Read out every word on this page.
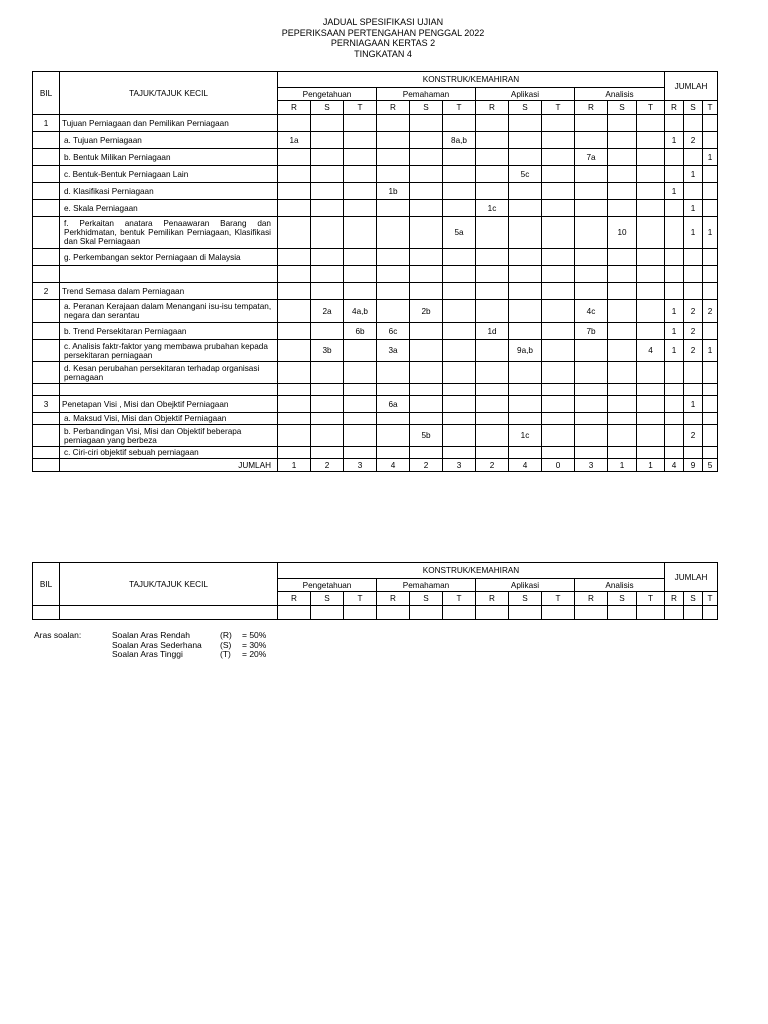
JADUAL SPESIFIKASI UJIAN
PEPERIKSAAN PERTENGAHAN PENGGAL 2022
PERNIAGAAN KERTAS 2
TINGKATAN 4
BIL	TAJUK/TAJUK KECIL	KONSTRUK/KEMAHIRAN												JUMLAH		
		Pengetahuan			Pemahaman			Aplikasi			Analisis					
		R	S	T	R	S	T	R	S	T	R	S	T	R	S	T
1	Tujuan Perniagaan dan Pemilikan Perniagaan															
	a. Tujuan Perniagaan	1a					8a,b							1	2	
	b. Bentuk Milikan Perniagaan										7a					1
	c. Bentuk-Bentuk Perniagaan Lain								5c						1	
	d. Klasifikasi Perniagaan				1b									1		
	e. Skala Perniagaan							1c							1	

	f. Perkaitan anatara Penaawaran Barang dan Perkhidmatan, bentuk Pemilikan Perniagaan, Klasifikasi dan Skal Perniagaan						5a					10			1	1
	g. Perkembangan sektor Perniagaan di Malaysia															

2	Trend Semasa dalam Perniagaan															
	a. Peranan Kerajaan dalam Menangani isu-isu tempatan, negara dan serantau		2a	4a,b		2b					4c			1	2	2
	b. Trend Persekitaran Perniagaan			6b	6c			1d			7b			1	2	
	c. Analisis faktr-faktor yang membawa prubahan kepada persekitaran perniagaan		3b		3a				9a,b				4	1	2	1
	d. Kesan perubahan persekitaran terhadap organisasi pernagaan															

3	Penetapan Visi , Misi dan Obejktif Perniagaan				6a										1	
	a. Maksud Visi, Misi dan Objektif Perniagaan															
	b. Perbandingan Visi, Misi dan Objektif beberapa perniagaan yang berbeza					5b			1c						2	
	c. Ciri-ciri objektif sebuah perniagaan															
	JUMLAH	1	2	3	4	2	3	2	4	0	3	1	1	4	9	5
BIL	TAJUK/TAJUK KECIL	KONSTRUK/KEMAHIRAN												JUMLAH		
		Pengetahuan			Pemahaman			Aplikasi			Analisis					
		R	S	T	R	S	T	R	S	T	R	S	T	R	S	T

Aras soalan:	Soalan Aras Rendah	(R)	= 50%
Soalan Aras Sederhana	(S)	= 30%
Soalan Aras Tinggi	(T)	= 20%
